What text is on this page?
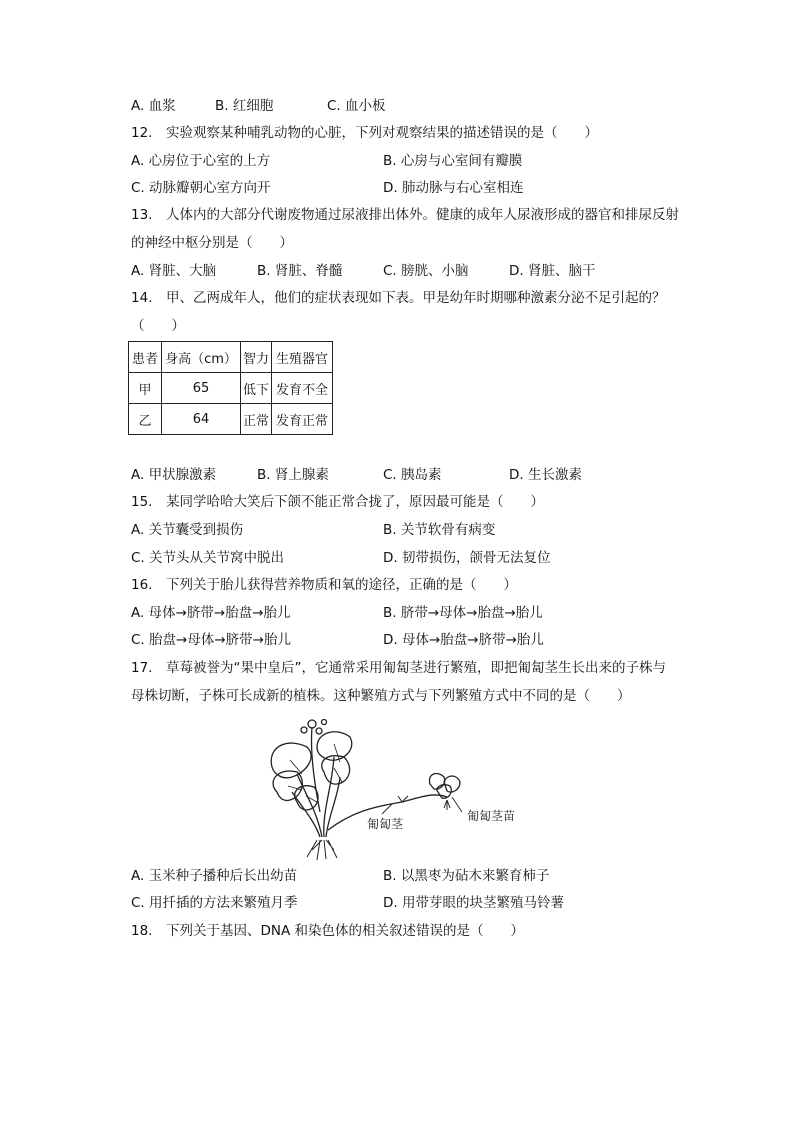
A. 血浆	B. 红细胞	C. 血小板
12.　实验观察某种哺乳动物的心脏，下列对观察结果的描述错误的是（　　）
A. 心房位于心室的上方	B. 心房与心室间有瓣膜
C. 动脉瓣朝心室方向开	D. 肺动脉与右心室相连
13.　人体内的大部分代谢废物通过尿液排出体外。健康的成年人尿液形成的器官和排尿反射
的神经中枢分别是（　　）
A. 肾脏、大脑	B. 肾脏、脊髓	C. 膀胱、小脑	D. 肾脏、脑干
14.　甲、乙两成年人，他们的症状表现如下表。甲是幼年时期哪种激素分泌不足引起的？
（　　）
患者	身高（cm）	智力	生殖器官
甲	65	低下	发育不全
乙	64	正常	发育正常
A. 甲状腺激素	B. 肾上腺素	C. 胰岛素	D. 生长激素
15.　某同学哈哈大笑后下颌不能正常合拢了，原因最可能是（　　）
A. 关节囊受到损伤	B. 关节软骨有病变
C. 关节头从关节窝中脱出	D. 韧带损伤，颌骨无法复位
16.　下列关于胎儿获得营养物质和氧的途径，正确的是（　　）
A. 母体→脐带→胎盘→胎儿	B. 脐带→母体→胎盘→胎儿
C. 胎盘→母体→脐带→胎儿	D. 母体→胎盘→脐带→胎儿
17.　草莓被誉为“果中皇后”，它通常采用匍匐茎进行繁殖，即把匍匐茎生长出来的子株与
母株切断，子株可长成新的植株。这种繁殖方式与下列繁殖方式中不同的是（　　）
匍匐茎
匍匐茎苗
A. 玉米种子播种后长出幼苗	B. 以黑枣为砧木来繁育柿子
C. 用扦插的方法来繁殖月季	D. 用带芽眼的块茎繁殖马铃薯
18.　下列关于基因、DNA 和染色体的相关叙述错误的是（　　）
